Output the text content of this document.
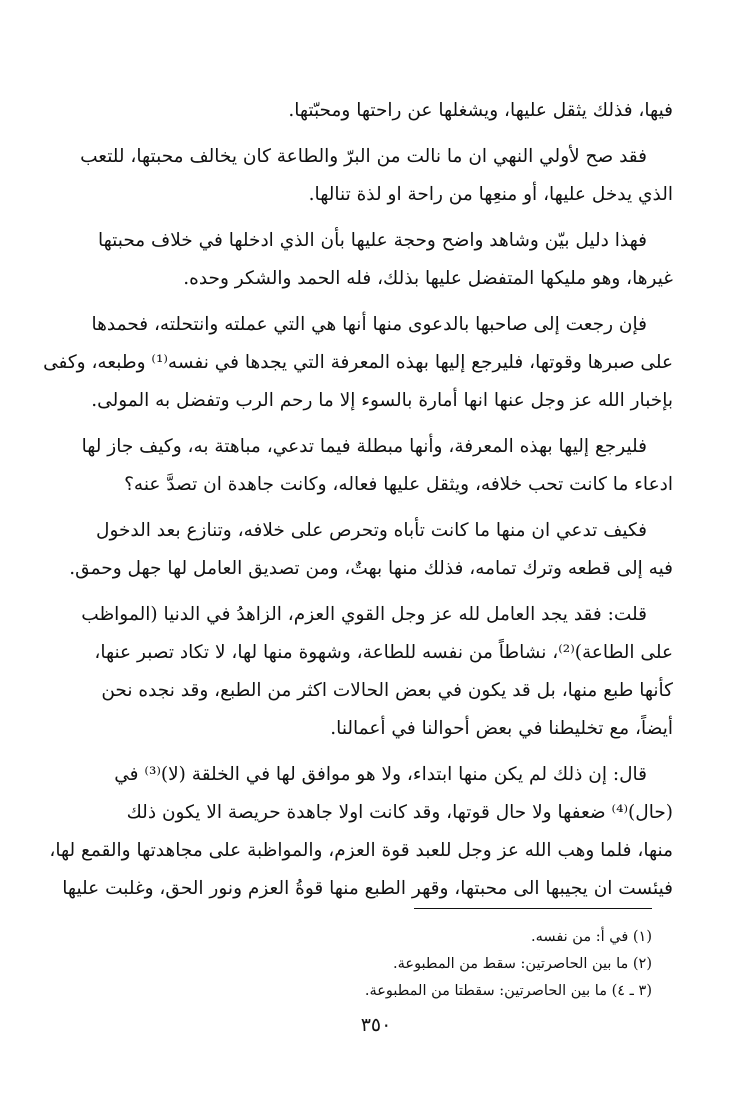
فيها، فذلك يثقل عليها، ويشغلها عن راحتها ومحبّتها.
فقد صح لأولي النهي ان ما نالت من البرّ والطاعة كان يخالف محبتها، للتعب
الذي يدخل عليها، أو منعِها من راحة او لذة تنالها.
فهذا دليل بيّن وشاهد واضح وحجة عليها بأن الذي ادخلها في خلاف محبتها
غيرها، وهو مليكها المتفضل عليها بذلك، فله الحمد والشكر وحده.
فإن رجعت إلى صاحبها بالدعوى منها أنها هي التي عملته وانتحلته، فحمدها
على صبرها وقوتها، فليرجع إليها بهذه المعرفة التي يجدها في نفسه⁽¹⁾ وطبعه، وكفى
بإخبار الله عز وجل عنها انها أمارة بالسوء إلا ما رحم الرب وتفضل به المولى.
فليرجع إليها بهذه المعرفة، وأنها مبطلة فيما تدعي، مباهتة به، وكيف جاز لها
ادعاء ما كانت تحب خلافه، ويثقل عليها فعاله، وكانت جاهدة ان تصدَّ عنه؟
فكيف تدعي ان منها ما كانت تأباه وتحرص على خلافه، وتنازع بعد الدخول
فيه إلى قطعه وترك تمامه، فذلك منها بهتٌ، ومن تصديق العامل لها جهل وحمق.
قلت: فقد يجد العامل لله عز وجل القوي العزم، الزاهدُ في الدنيا (المواظب
على الطاعة)⁽²⁾، نشاطاً من نفسه للطاعة، وشهوة منها لها، لا تكاد تصبر عنها،
كأنها طبع منها، بل قد يكون في بعض الحالات اكثر من الطبع، وقد نجده نحن
أيضاً، مع تخليطنا في بعض أحوالنا في أعمالنا.
قال: إن ذلك لم يكن منها ابتداء، ولا هو موافق لها في الخلقة (لا)⁽³⁾ في
(حال)⁽⁴⁾ ضعفها ولا حال قوتها، وقد كانت اولا جاهدة حريصة الا يكون ذلك
منها، فلما وهب الله عز وجل للعبد قوة العزم، والمواظبة على مجاهدتها والقمع لها،
فيئست ان يجيبها الى محبتها، وقهر الطبع منها قوةُ العزم ونور الحق، وغلبت عليها
(١) في أ: من نفسه.
(٢) ما بين الحاصرتين: سقط من المطبوعة.
(٣ ـ ٤) ما بين الحاصرتين: سقطتا من المطبوعة.
٣٥٠
